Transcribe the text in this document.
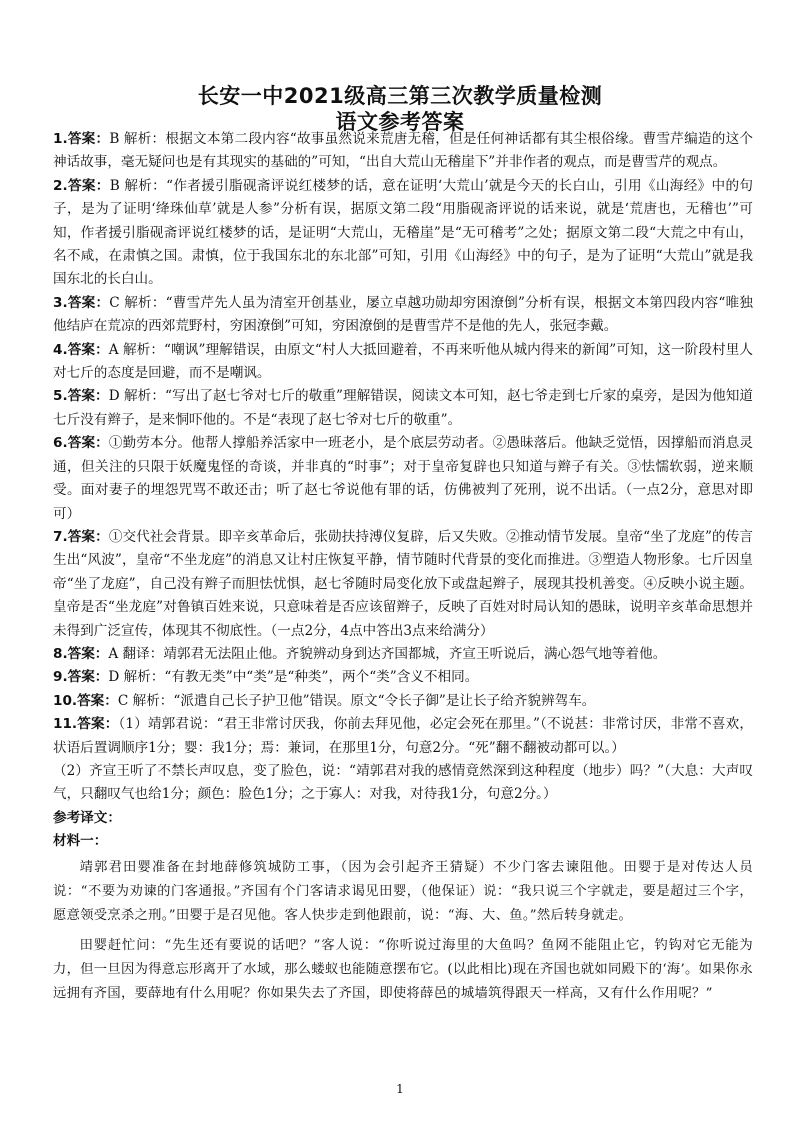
长安一中2021级高三第三次教学质量检测
语文参考答案

1.答案：B 解析：根据文本第二段内容“故事虽然说来荒唐无稽，但是任何神话都有其尘根俗缘。曹雪芹编造的这个神话故事，毫无疑问也是有其现实的基础的”可知，“出自大荒山无稽崖下”并非作者的观点，而是曹雪芹的观点。

2.答案：B 解析：“作者援引脂砚斋评说红楼梦的话，意在证明‘大荒山’就是今天的长白山，引用《山海经》中的句子，是为了证明‘绛珠仙草’就是人参”分析有误，据原文第二段“用脂砚斋评说的话来说，就是‘荒唐也，无稽也’”可知，作者援引脂砚斋评说红楼梦的话，是证明“大荒山，无稽崖”是“无可稽考”之处；据原文第二段“大荒之中有山，名不咸，在肃慎之国。肃慎，位于我国东北的东北部”可知，引用《山海经》中的句子，是为了证明“大荒山”就是我国东北的长白山。

3.答案：C 解析：“曹雪芹先人虽为清室开创基业，屡立卓越功勋却穷困潦倒”分析有误，根据文本第四段内容“唯独他结庐在荒凉的西郊荒野村，穷困潦倒”可知，穷困潦倒的是曹雪芹不是他的先人，张冠李戴。

4.答案：A 解析：“嘲讽”理解错误，由原文“村人大抵回避着，不再来听他从城内得来的新闻”可知，这一阶段村里人对七斤的态度是回避，而不是嘲讽。

5.答案：D 解析：“写出了赵七爷对七斤的敬重”理解错误，阅读文本可知，赵七爷走到七斤家的桌旁，是因为他知道七斤没有辫子，是来恫吓他的。不是“表现了赵七爷对七斤的敬重”。

6.答案：①勤劳本分。他帮人撑船养活家中一班老小，是个底层劳动者。②愚昧落后。他缺乏觉悟，因撑船而消息灵通，但关注的只限于妖魔鬼怪的奇谈，并非真的“时事”；对于皇帝复辟也只知道与辫子有关。③怯懦软弱，逆来顺受。面对妻子的埋怨咒骂不敢还击；听了赵七爷说他有罪的话，仿佛被判了死刑，说不出话。（一点2分，意思对即可）

7.答案：①交代社会背景。即辛亥革命后，张勋扶持溥仪复辟，后又失败。②推动情节发展。皇帝“坐了龙庭”的传言生出“风波”，皇帝“不坐龙庭”的消息又让村庄恢复平静，情节随时代背景的变化而推进。③塑造人物形象。七斤因皇帝“坐了龙庭”，自己没有辫子而胆怯忧惧，赵七爷随时局变化放下或盘起辫子，展现其投机善变。④反映小说主题。皇帝是否“坐龙庭”对鲁镇百姓来说，只意味着是否应该留辫子，反映了百姓对时局认知的愚昧，说明辛亥革命思想并未得到广泛宣传，体现其不彻底性。（一点2分，4点中答出3点来给满分）

8.答案：A 翻译：靖郭君无法阻止他。齐貌辨动身到达齐国都城，齐宣王听说后，满心怨气地等着他。

9.答案：D 解析：“有教无类”中“类”是“种类”，两个“类”含义不相同。

10.答案：C 解析：“派遣自己长子护卫他”错误。原文“令长子御”是让长子给齐貌辨驾车。

11.答案：（1）靖郭君说：“君王非常讨厌我，你前去拜见他，必定会死在那里。”（不说甚：非常讨厌，非常不喜欢，状语后置调顺序1分；婴：我1分；焉：兼词，在那里1分，句意2分。“死”翻不翻被动都可以。）

（2）齐宣王听了不禁长声叹息，变了脸色，说：“靖郭君对我的感情竟然深到这种程度（地步）吗？”（大息：大声叹气，只翻叹气也给1分；颜色：脸色1分；之于寡人：对我，对待我1分，句意2分。）

参考译文：

材料一：

靖郭君田婴准备在封地薛修筑城防工事，（因为会引起齐王猜疑）不少门客去谏阻他。田婴于是对传达人员说：“不要为劝谏的门客通报。”齐国有个门客请求谒见田婴，（他保证）说：“我只说三个字就走，要是超过三个字，愿意领受烹杀之刑。”田婴于是召见他。客人快步走到他跟前，说：“海、大、鱼。”然后转身就走。

田婴赶忙问：“先生还有要说的话吧？”客人说：“你听说过海里的大鱼吗？鱼网不能阻止它，钓钩对它无能为力，但一旦因为得意忘形离开了水域，那么蝼蚁也能随意摆布它。(以此相比)现在齐国也就如同殿下的‘海’。如果你永远拥有齐国，要薛地有什么用呢？你如果失去了齐国，即使将薛邑的城墙筑得跟天一样高，又有什么作用呢？”

1
